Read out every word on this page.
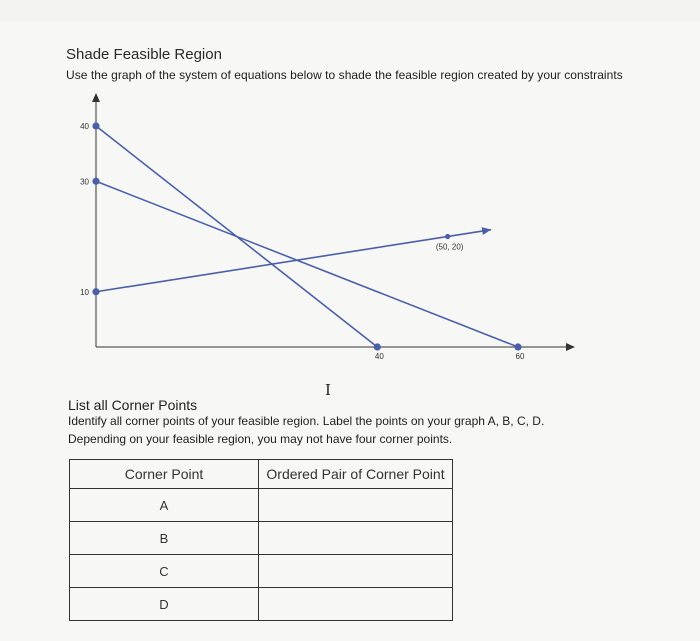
Shade Feasible Region
Use the graph of the system of equations below to shade the feasible region created by your constraints
10
30
40
40	60
(50, 20)
I
List all Corner Points
Identify all corner points of your feasible region. Label the points on your graph A, B, C, D.
Depending on your feasible region, you may not have four corner points.
Corner Point	Ordered Pair of Corner Point
A	
B	
C	
D	
